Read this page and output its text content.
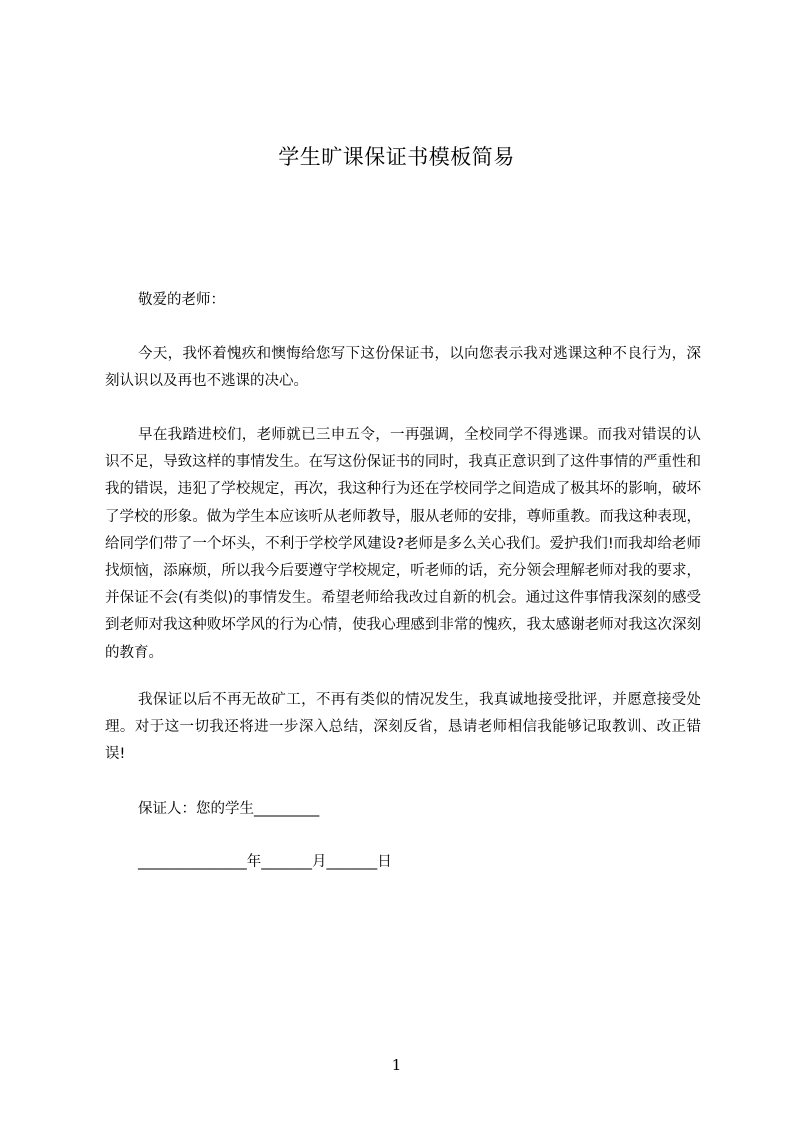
学生旷课保证书模板简易

敬爱的老师：

今天，我怀着愧疚和懊悔给您写下这份保证书，以向您表示我对逃课这种不良行为，深刻认识以及再也不逃课的决心。

早在我踏进校们，老师就已三申五令，一再强调，全校同学不得逃课。而我对错误的认识不足，导致这样的事情发生。在写这份保证书的同时，我真正意识到了这件事情的严重性和我的错误，违犯了学校规定，再次，我这种行为还在学校同学之间造成了极其坏的影响，破坏了学校的形象。做为学生本应该听从老师教导，服从老师的安排，尊师重教。而我这种表现，给同学们带了一个坏头，不利于学校学风建设?老师是多么关心我们。爱护我们!而我却给老师找烦恼，添麻烦，所以我今后要遵守学校规定，听老师的话，充分领会理解老师对我的要求，并保证不会(有类似)的事情发生。希望老师给我改过自新的机会。通过这件事情我深刻的感受到老师对我这种败坏学风的行为心情，使我心理感到非常的愧疚，我太感谢老师对我这次深刻的教育。

我保证以后不再无故矿工，不再有类似的情况发生，我真诚地接受批评，并愿意接受处理。对于这一切我还将进一步深入总结，深刻反省，恳请老师相信我能够记取教训、改正错误!

保证人：您的学生_________

_______________年_______月_______日

1
